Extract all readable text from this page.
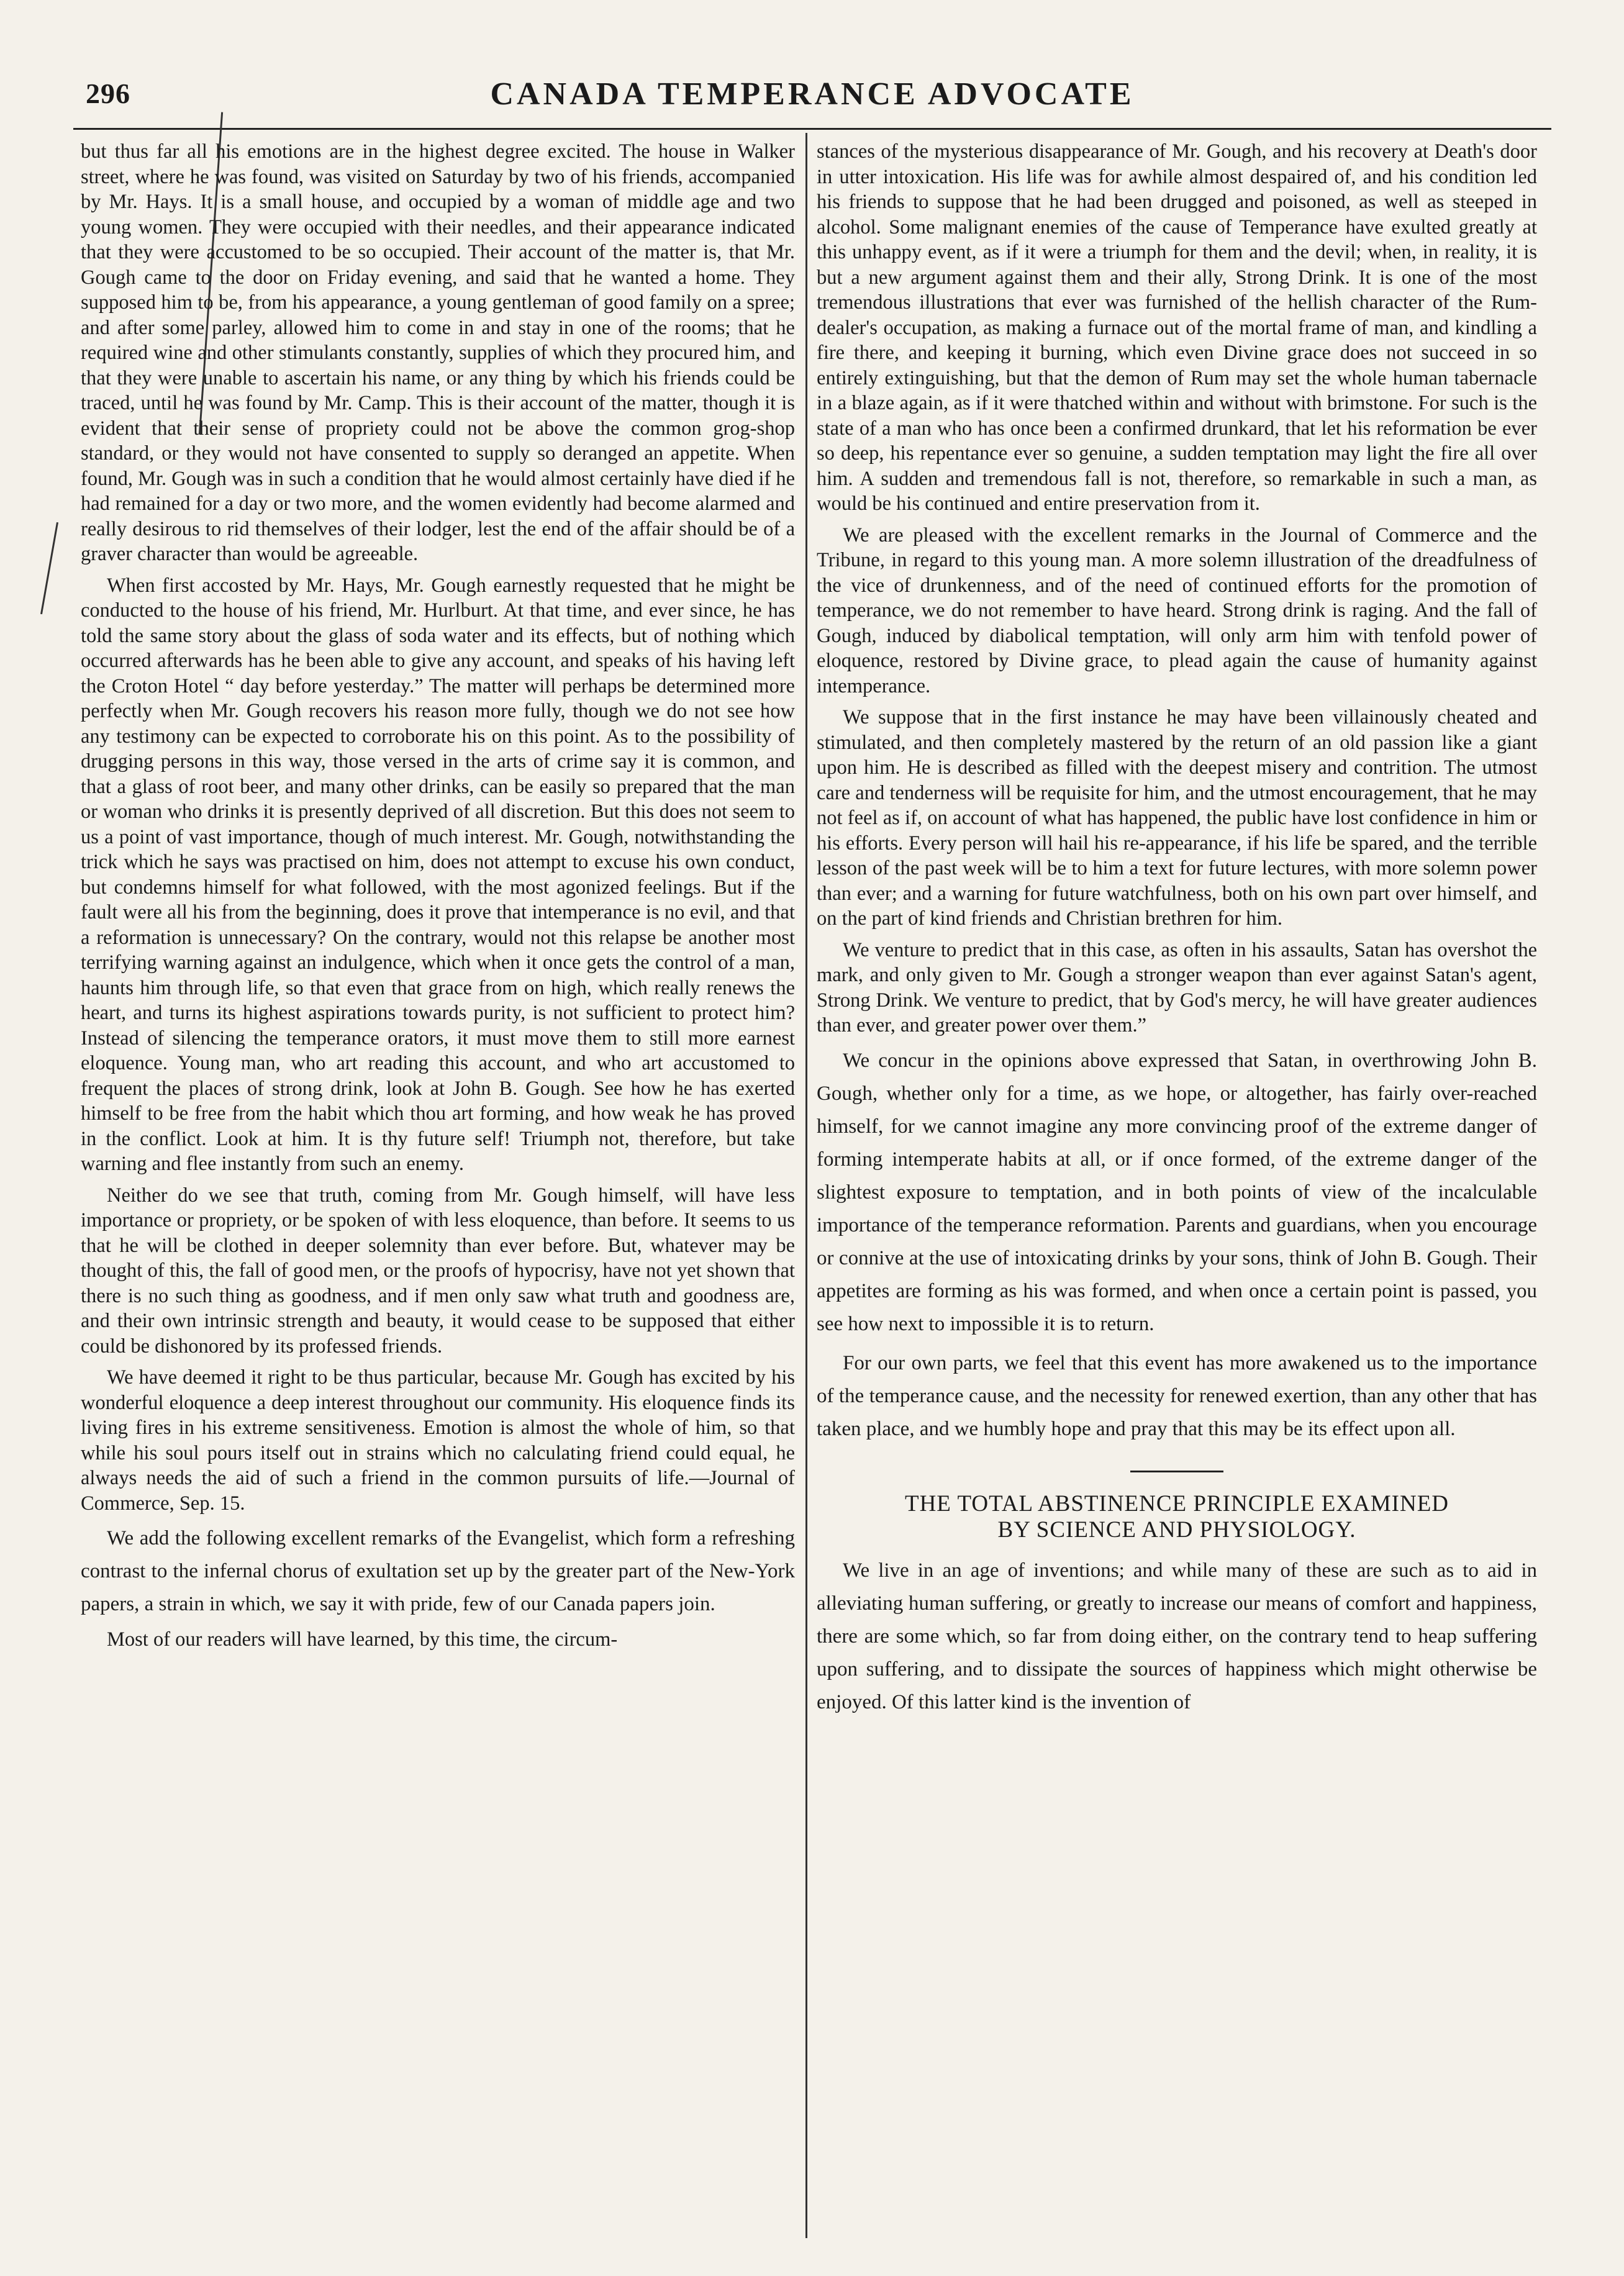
296	CANADA TEMPERANCE ADVOCATE

but thus far all his emotions are in the highest degree excited. The house in Walker street, where he was found, was visited on Saturday by two of his friends, accompanied by Mr. Hays. It is a small house, and occupied by a woman of middle age and two young women. They were occupied with their needles, and their appearance indicated that they were accustomed to be so occupied. Their account of the matter is, that Mr. Gough came to the door on Friday evening, and said that he wanted a home. They supposed him to be, from his appearance, a young gentleman of good family on a spree; and after some parley, allowed him to come in and stay in one of the rooms; that he required wine and other stimulants constantly, supplies of which they procured him, and that they were unable to ascertain his name, or any thing by which his friends could be traced, until he was found by Mr. Camp. This is their account of the matter, though it is evident that their sense of propriety could not be above the common grog-shop standard, or they would not have consented to supply so deranged an appetite. When found, Mr. Gough was in such a condition that he would almost certainly have died if he had remained for a day or two more, and the women evidently had become alarmed and really desirous to rid themselves of their lodger, lest the end of the affair should be of a graver character than would be agreeable.

When first accosted by Mr. Hays, Mr. Gough earnestly requested that he might be conducted to the house of his friend, Mr. Hurlburt. At that time, and ever since, he has told the same story about the glass of soda water and its effects, but of nothing which occurred afterwards has he been able to give any account, and speaks of his having left the Croton Hotel “ day before yesterday.” The matter will perhaps be determined more perfectly when Mr. Gough recovers his reason more fully, though we do not see how any testimony can be expected to corroborate his on this point. As to the possibility of drugging persons in this way, those versed in the arts of crime say it is common, and that a glass of root beer, and many other drinks, can be easily so prepared that the man or woman who drinks it is presently deprived of all discretion. But this does not seem to us a point of vast importance, though of much interest. Mr. Gough, notwithstanding the trick which he says was practised on him, does not attempt to excuse his own conduct, but condemns himself for what followed, with the most agonized feelings. But if the fault were all his from the beginning, does it prove that intemperance is no evil, and that a reformation is unnecessary? On the contrary, would not this relapse be another most terrifying warning against an indulgence, which when it once gets the control of a man, haunts him through life, so that even that grace from on high, which really renews the heart, and turns its highest aspirations towards purity, is not sufficient to protect him? Instead of silencing the temperance orators, it must move them to still more earnest eloquence. Young man, who art reading this account, and who art accustomed to frequent the places of strong drink, look at John B. Gough. See how he has exerted himself to be free from the habit which thou art forming, and how weak he has proved in the conflict. Look at him. It is thy future self! Triumph not, therefore, but take warning and flee instantly from such an enemy.

Neither do we see that truth, coming from Mr. Gough himself, will have less importance or propriety, or be spoken of with less eloquence, than before. It seems to us that he will be clothed in deeper solemnity than ever before. But, whatever may be thought of this, the fall of good men, or the proofs of hypocrisy, have not yet shown that there is no such thing as goodness, and if men only saw what truth and goodness are, and their own intrinsic strength and beauty, it would cease to be supposed that either could be dishonored by its professed friends.

We have deemed it right to be thus particular, because Mr. Gough has excited by his wonderful eloquence a deep interest throughout our community. His eloquence finds its living fires in his extreme sensitiveness. Emotion is almost the whole of him, so that while his soul pours itself out in strains which no calculating friend could equal, he always needs the aid of such a friend in the common pursuits of life.—Journal of Commerce, Sep. 15.

We add the following excellent remarks of the Evangelist, which form a refreshing contrast to the infernal chorus of exultation set up by the greater part of the New-York papers, a strain in which, we say it with pride, few of our Canada papers join.

Most of our readers will have learned, by this time, the circum-

stances of the mysterious disappearance of Mr. Gough, and his recovery at Death's door in utter intoxication. His life was for awhile almost despaired of, and his condition led his friends to suppose that he had been drugged and poisoned, as well as steeped in alcohol. Some malignant enemies of the cause of Temperance have exulted greatly at this unhappy event, as if it were a triumph for them and the devil; when, in reality, it is but a new argument against them and their ally, Strong Drink. It is one of the most tremendous illustrations that ever was furnished of the hellish character of the Rum-dealer's occupation, as making a furnace out of the mortal frame of man, and kindling a fire there, and keeping it burning, which even Divine grace does not succeed in so entirely extinguishing, but that the demon of Rum may set the whole human tabernacle in a blaze again, as if it were thatched within and without with brimstone. For such is the state of a man who has once been a confirmed drunkard, that let his reformation be ever so deep, his repentance ever so genuine, a sudden temptation may light the fire all over him. A sudden and tremendous fall is not, therefore, so remarkable in such a man, as would be his continued and entire preservation from it.

We are pleased with the excellent remarks in the Journal of Commerce and the Tribune, in regard to this young man. A more solemn illustration of the dreadfulness of the vice of drunkenness, and of the need of continued efforts for the promotion of temperance, we do not remember to have heard. Strong drink is raging. And the fall of Gough, induced by diabolical temptation, will only arm him with tenfold power of eloquence, restored by Divine grace, to plead again the cause of humanity against intemperance.

We suppose that in the first instance he may have been villainously cheated and stimulated, and then completely mastered by the return of an old passion like a giant upon him. He is described as filled with the deepest misery and contrition. The utmost care and tenderness will be requisite for him, and the utmost encouragement, that he may not feel as if, on account of what has happened, the public have lost confidence in him or his efforts. Every person will hail his re-appearance, if his life be spared, and the terrible lesson of the past week will be to him a text for future lectures, with more solemn power than ever; and a warning for future watchfulness, both on his own part over himself, and on the part of kind friends and Christian brethren for him.

We venture to predict that in this case, as often in his assaults, Satan has overshot the mark, and only given to Mr. Gough a stronger weapon than ever against Satan's agent, Strong Drink. We venture to predict, that by God's mercy, he will have greater audiences than ever, and greater power over them.”

We concur in the opinions above expressed that Satan, in overthrowing John B. Gough, whether only for a time, as we hope, or altogether, has fairly over-reached himself, for we cannot imagine any more convincing proof of the extreme danger of forming intemperate habits at all, or if once formed, of the extreme danger of the slightest exposure to temptation, and in both points of view of the incalculable importance of the temperance reformation. Parents and guardians, when you encourage or connive at the use of intoxicating drinks by your sons, think of John B. Gough. Their appetites are forming as his was formed, and when once a certain point is passed, you see how next to impossible it is to return.

For our own parts, we feel that this event has more awakened us to the importance of the temperance cause, and the necessity for renewed exertion, than any other that has taken place, and we humbly hope and pray that this may be its effect upon all.

THE TOTAL ABSTINENCE PRINCIPLE EXAMINED
BY SCIENCE AND PHYSIOLOGY.

We live in an age of inventions; and while many of these are such as to aid in alleviating human suffering, or greatly to increase our means of comfort and happiness, there are some which, so far from doing either, on the contrary tend to heap suffering upon suffering, and to dissipate the sources of happiness which might otherwise be enjoyed. Of this latter kind is the invention of
